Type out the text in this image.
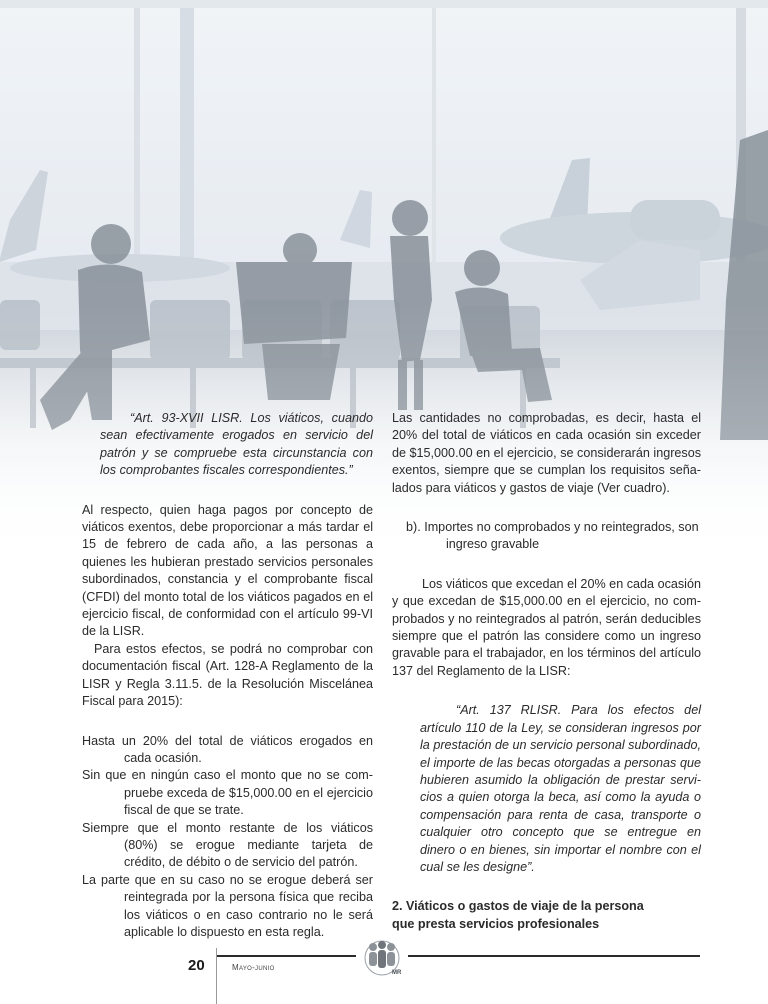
“Art. 93-XVII LISR. Los viáticos, cuando sean efectivamente erogados en servicio del patrón y se compruebe esta circunstancia con los comprobantes fiscales correspondientes.”

Al respecto, quien haga pagos por concepto de viáticos exentos, debe proporcionar a más tardar el 15 de febrero de cada año, a las personas a quienes les hubieran prestado servicios personales subordinados, constancia y el comprobante fiscal (CFDI) del monto total de los viáticos pagados en el ejercicio fiscal, de conformidad con el artículo 99-VI de la LISR.

Para estos efectos, se podrá no comprobar con documentación fiscal (Art. 128-A Reglamento de la LISR y Regla 3.11.5. de la Resolución Miscelánea Fiscal para 2015):

Hasta un 20% del total de viáticos erogados en cada ocasión.

Sin que en ningún caso el monto que no se compruebe exceda de $15,000.00 en el ejercicio fiscal de que se trate.

Siempre que el monto restante de los viáticos (80%) se erogue mediante tarjeta de crédito, de débito o de servicio del patrón.

La parte que en su caso no se erogue deberá ser reintegrada por la persona física que reciba los viáticos o en caso contrario no le será aplicable lo dispuesto en esta regla.

Las cantidades no comprobadas, es decir, hasta el 20% del total de viáticos en cada ocasión sin exceder de $15,000.00 en el ejercicio, se considerarán ingresos exentos, siempre que se cumplan los requisitos señalados para viáticos y gastos de viaje (Ver cuadro).

b). Importes no comprobados y no reintegrados, son ingreso gravable

Los viáticos que excedan el 20% en cada ocasión y que excedan de $15,000.00 en el ejercicio, no comprobados y no reintegrados al patrón, serán deducibles siempre que el patrón las considere como un ingreso gravable para el trabajador, en los términos del artículo 137 del Reglamento de la LISR:

“Art. 137 RLISR. Para los efectos del artículo 110 de la Ley, se consideran ingresos por la prestación de un servicio personal subordinado, el importe de las becas otorgadas a personas que hubieren asumido la obligación de prestar servicios a quien otorga la beca, así como la ayuda o compensación para renta de casa, transporte o cualquier otro concepto que se entregue en dinero o en bienes, sin importar el nombre con el cual se les designe”.

2. Viáticos o gastos de viaje de la persona
que presta servicios profesionales
20	Mayo-junio
MR
